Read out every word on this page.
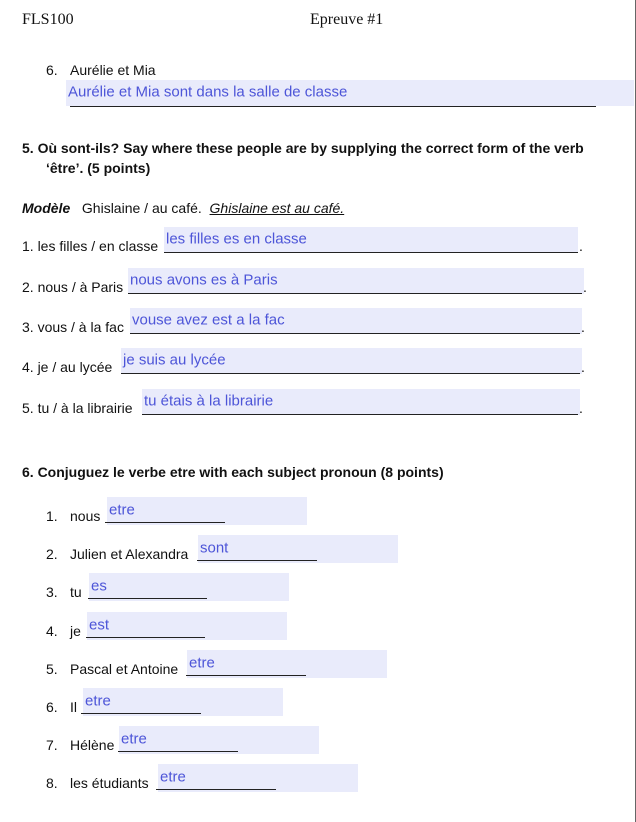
FLS100	Epreuve #1
6. Aurélie et Mia
Aurélie et Mia sont dans la salle de classe
5. Où sont-ils? Say where these people are by supplying the correct form of the verb
‘être’. (5 points)
Modèle Ghislaine / au café. Ghislaine est au café.
1. les filles / en classe les filles es en classe	.
2. nous / à Paris nous avons es à Paris	.
3. vous / à la fac vouse avez est a la fac	.
4. je / au lycée je suis au lycée	.
5. tu / à la librairie tu étais à la librairie	.
6. Conjuguez le verbe etre with each subject pronoun (8 points)
1. nous etre
2. Julien et Alexandra sont
3. tu es
4. je est
5. Pascal et Antoine etre
6. Il etre
7. Hélène etre
8. les étudiants etre
